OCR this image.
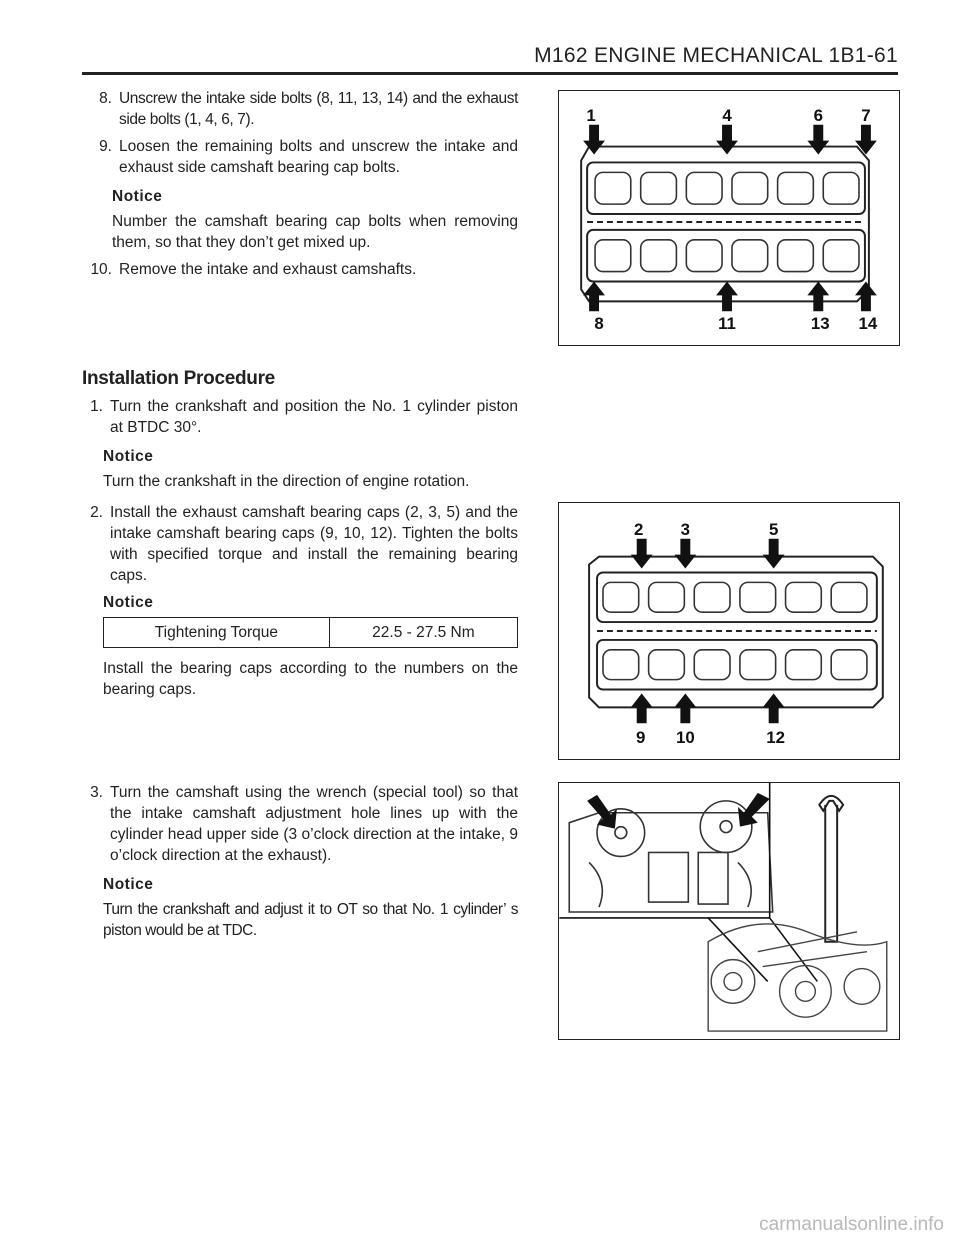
M162 ENGINE MECHANICAL 1B1-61
8. Unscrew the intake side bolts (8, 11, 13, 14) and the exhaust side bolts (1, 4, 6, 7).
9. Loosen the remaining bolts and unscrew the intake and exhaust side camshaft bearing cap bolts.
Notice
Number the camshaft bearing cap bolts when removing them, so that they don’t get mixed up.
10. Remove the intake and exhaust camshafts.
Installation Procedure
1. Turn the crankshaft and position the No. 1 cylinder piston at BTDC 30°.
Notice
Turn the crankshaft in the direction of engine rotation.
2. Install the exhaust camshaft bearing caps (2, 3, 5) and the intake camshaft bearing caps (9, 10, 12). Tighten the bolts with specified torque and install the remaining bearing caps.
Notice
Tightening Torque	22.5 - 27.5 Nm
Install the bearing caps according to the numbers on the bearing caps.
3. Turn the camshaft using the wrench (special tool) so that the intake camshaft adjustment hole lines up with the cylinder head upper side (3 o’clock direction at the intake, 9 o’clock direction at the exhaust).
Notice
Turn the crankshaft and adjust it to OT so that No. 1 cylinder’ s piston would be at TDC.
1	4	6 7
8	11	13 14
2 3	5
9 10	12
carmanualsonline.info
